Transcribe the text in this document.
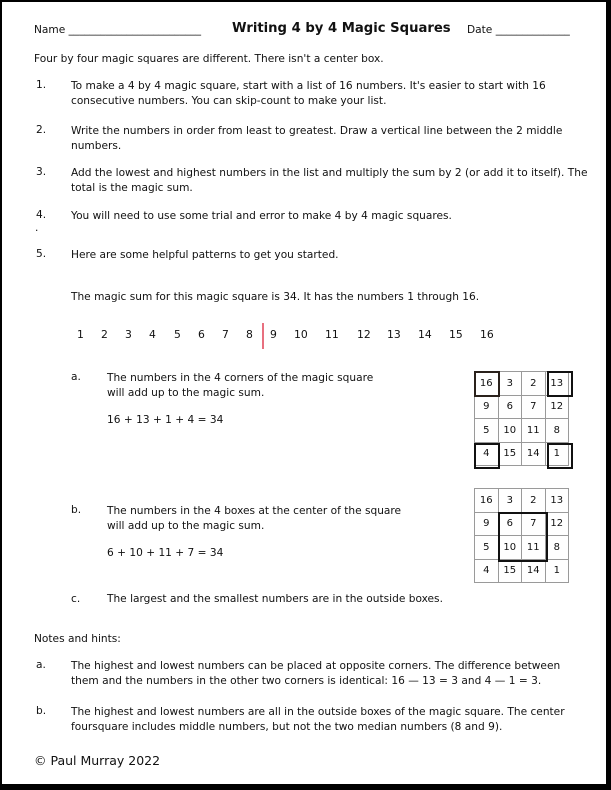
Name _________________________ Writing 4 by 4 Magic Squares Date ______________
Four by four magic squares are different. There isn't a center box.
1.	To make a 4 by 4 magic square, start with a list of 16 numbers. It's easier to start with 16 consecutive numbers. You can skip-count to make your list.
2.	Write the numbers in order from least to greatest. Draw a vertical line between the 2 middle numbers.
3.	Add the lowest and highest numbers in the list and multiply the sum by 2 (or add it to itself). The total is the magic sum.
4.	You will need to use some trial and error to make 4 by 4 magic squares.
.
5.	Here are some helpful patterns to get you started.
The magic sum for this magic square is 34. It has the numbers 1 through 16.
1 2 3 4 5 6 7 8 9 10 11 12 13 14 15 16
a.	The numbers in the 4 corners of the magic square
will add up to the magic sum.
16 + 13 + 1 + 4 = 34
16	3	2	13
9	6	7	12
5	10	11	8
4	15	14	1
b.	The numbers in the 4 boxes at the center of the square
will add up to the magic sum.
6 + 10 + 11 + 7 = 34
16	3	2	13
9	6	7	12
5	10	11	8
4	15	14	1
c.	The largest and the smallest numbers are in the outside boxes.
Notes and hints:
a.	The highest and lowest numbers can be placed at opposite corners. The difference between them and the numbers in the other two corners is identical: 16 — 13 = 3 and 4 — 1 = 3.
b.	The highest and lowest numbers are all in the outside boxes of the magic square. The center foursquare includes middle numbers, but not the two median numbers (8 and 9).
© Paul Murray 2022
